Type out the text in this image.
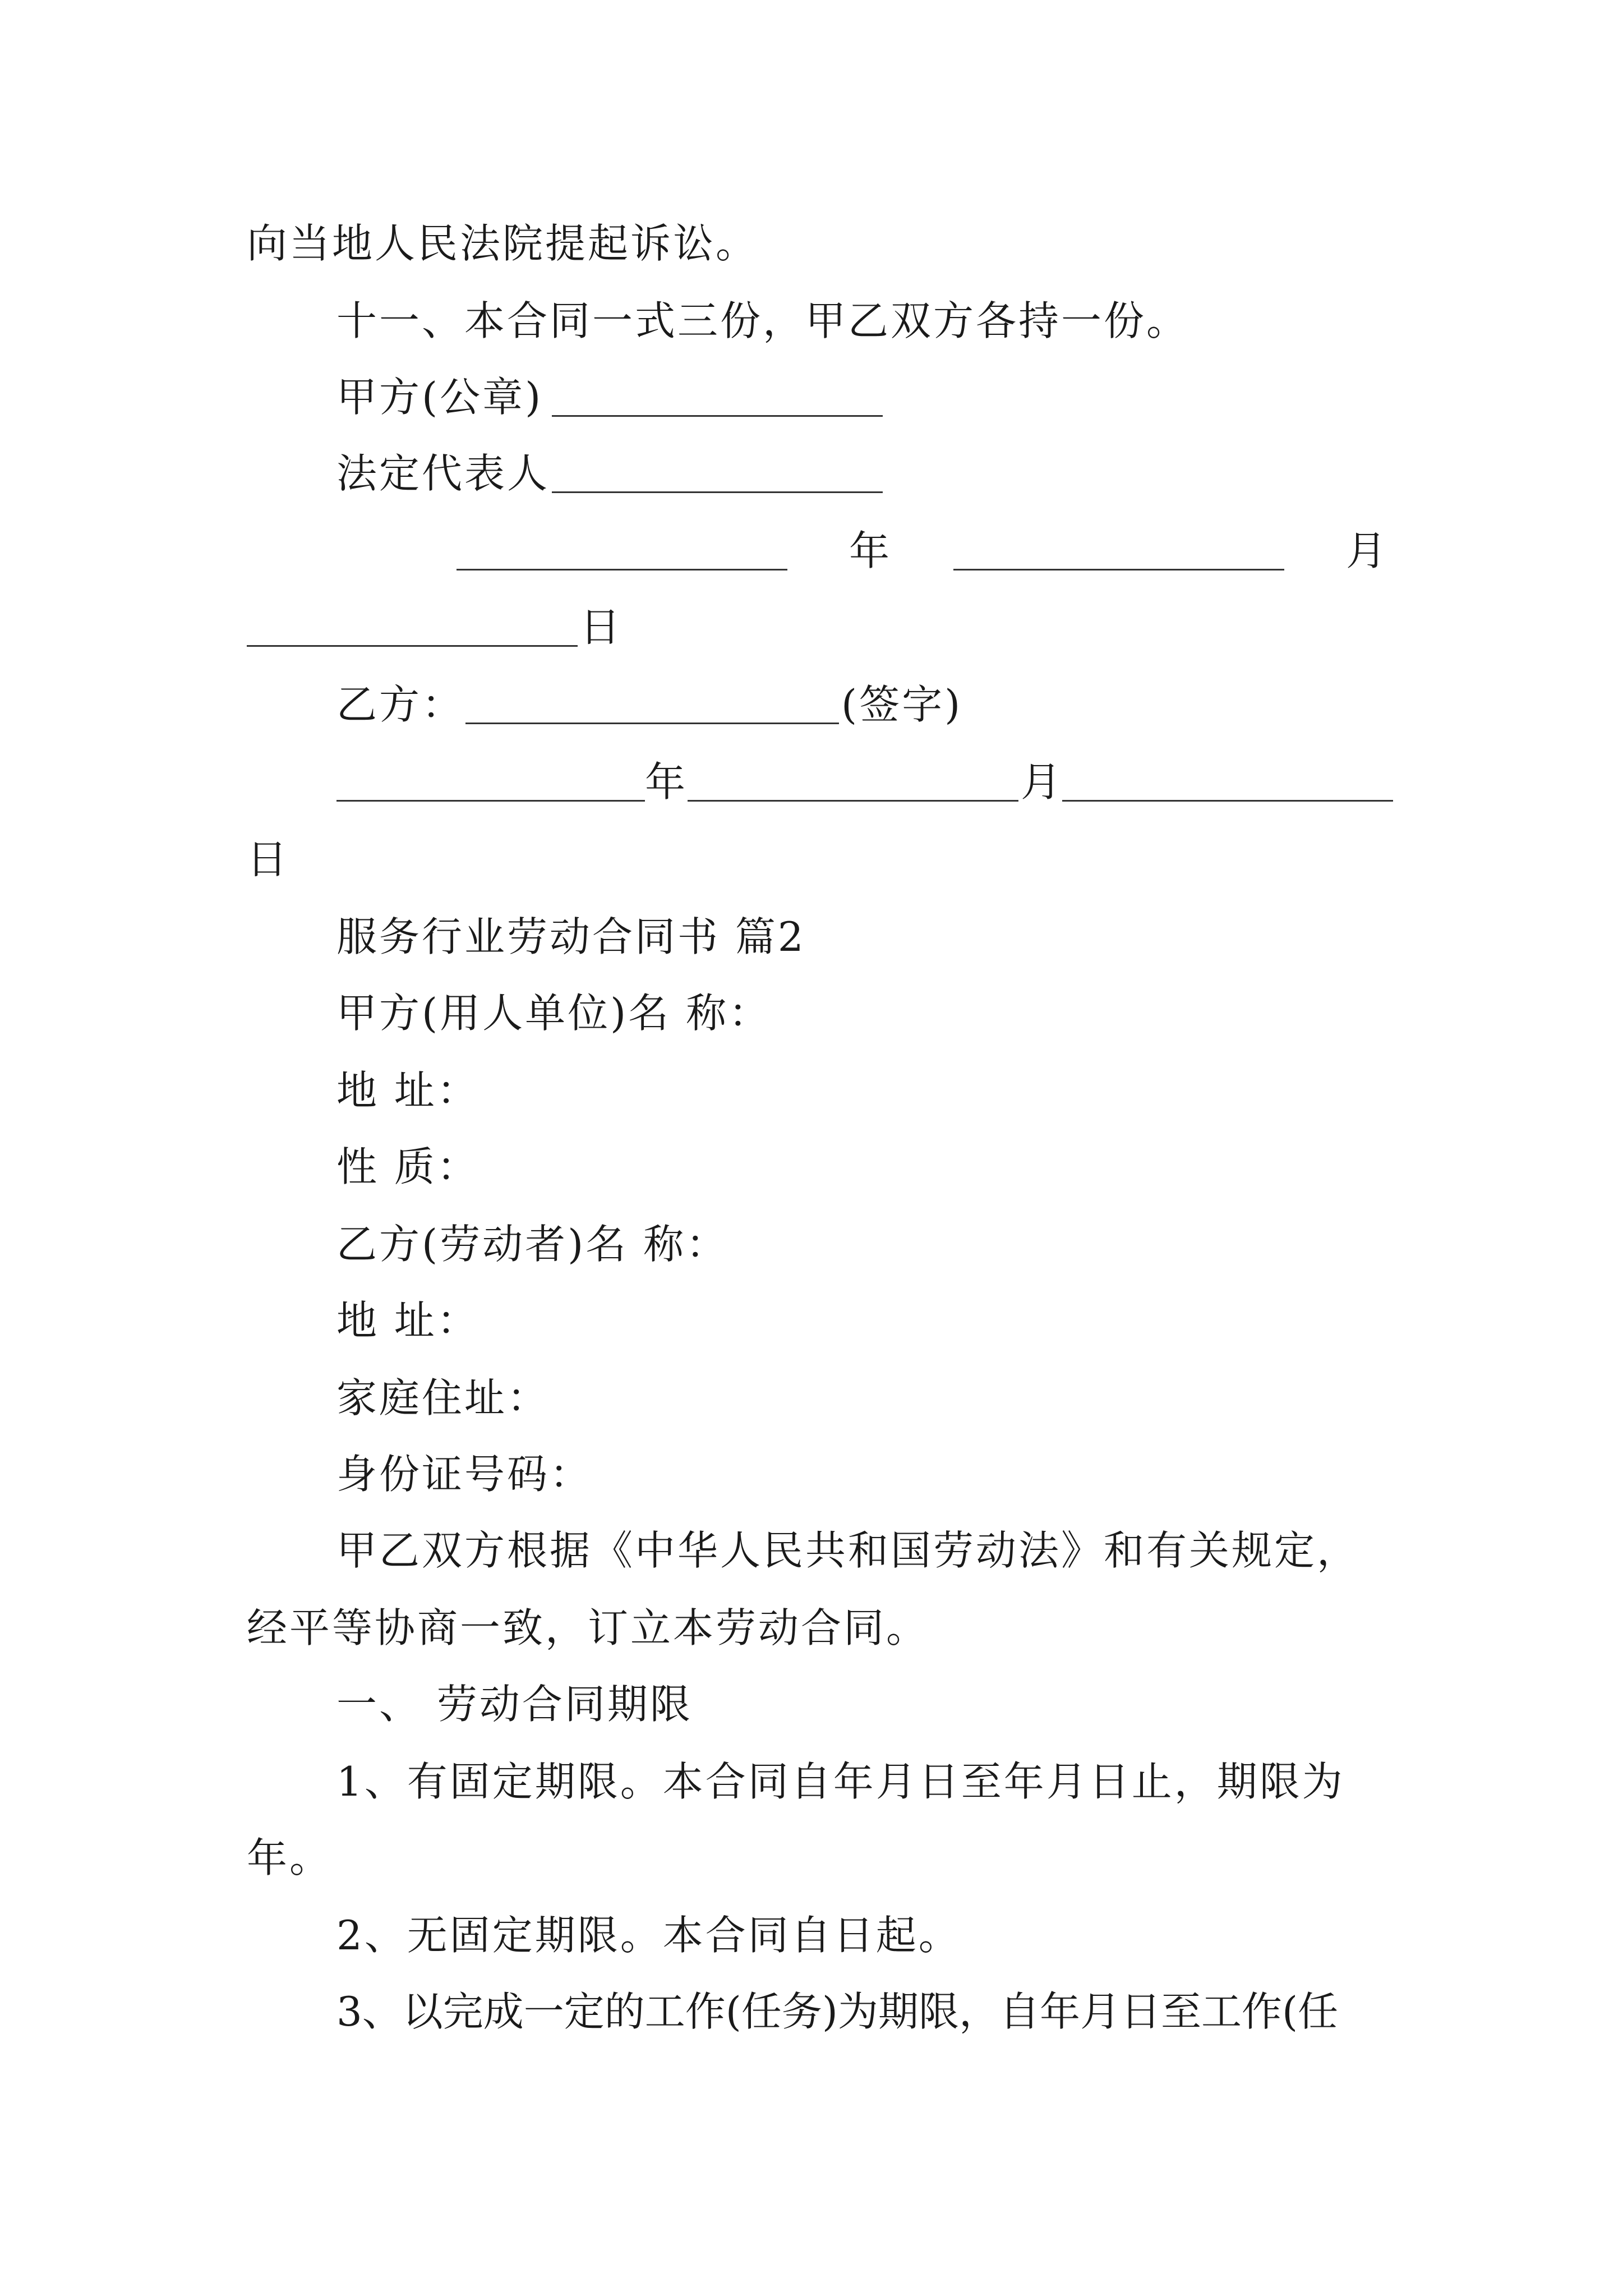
向当地人民法院提起诉讼。
十一、本合同一式三份，甲乙双方各持一份。
甲方(公章)
法定代表人
年	月
日
乙方：	(签字)
年	月
日
服务行业劳动合同书 篇2
甲方(用人单位)名 称：
地 址：
性 质：
乙方(劳动者)名 称：
地 址：
家庭住址：
身份证号码：
甲乙双方根据《中华人民共和国劳动法》和有关规定，
经平等协商一致，订立本劳动合同。
一、 劳动合同期限
1、有固定期限。本合同自年月日至年月日止，期限为
年。
2、无固定期限。本合同自日起。
3、以完成一定的工作(任务)为期限，自年月日至工作(任
